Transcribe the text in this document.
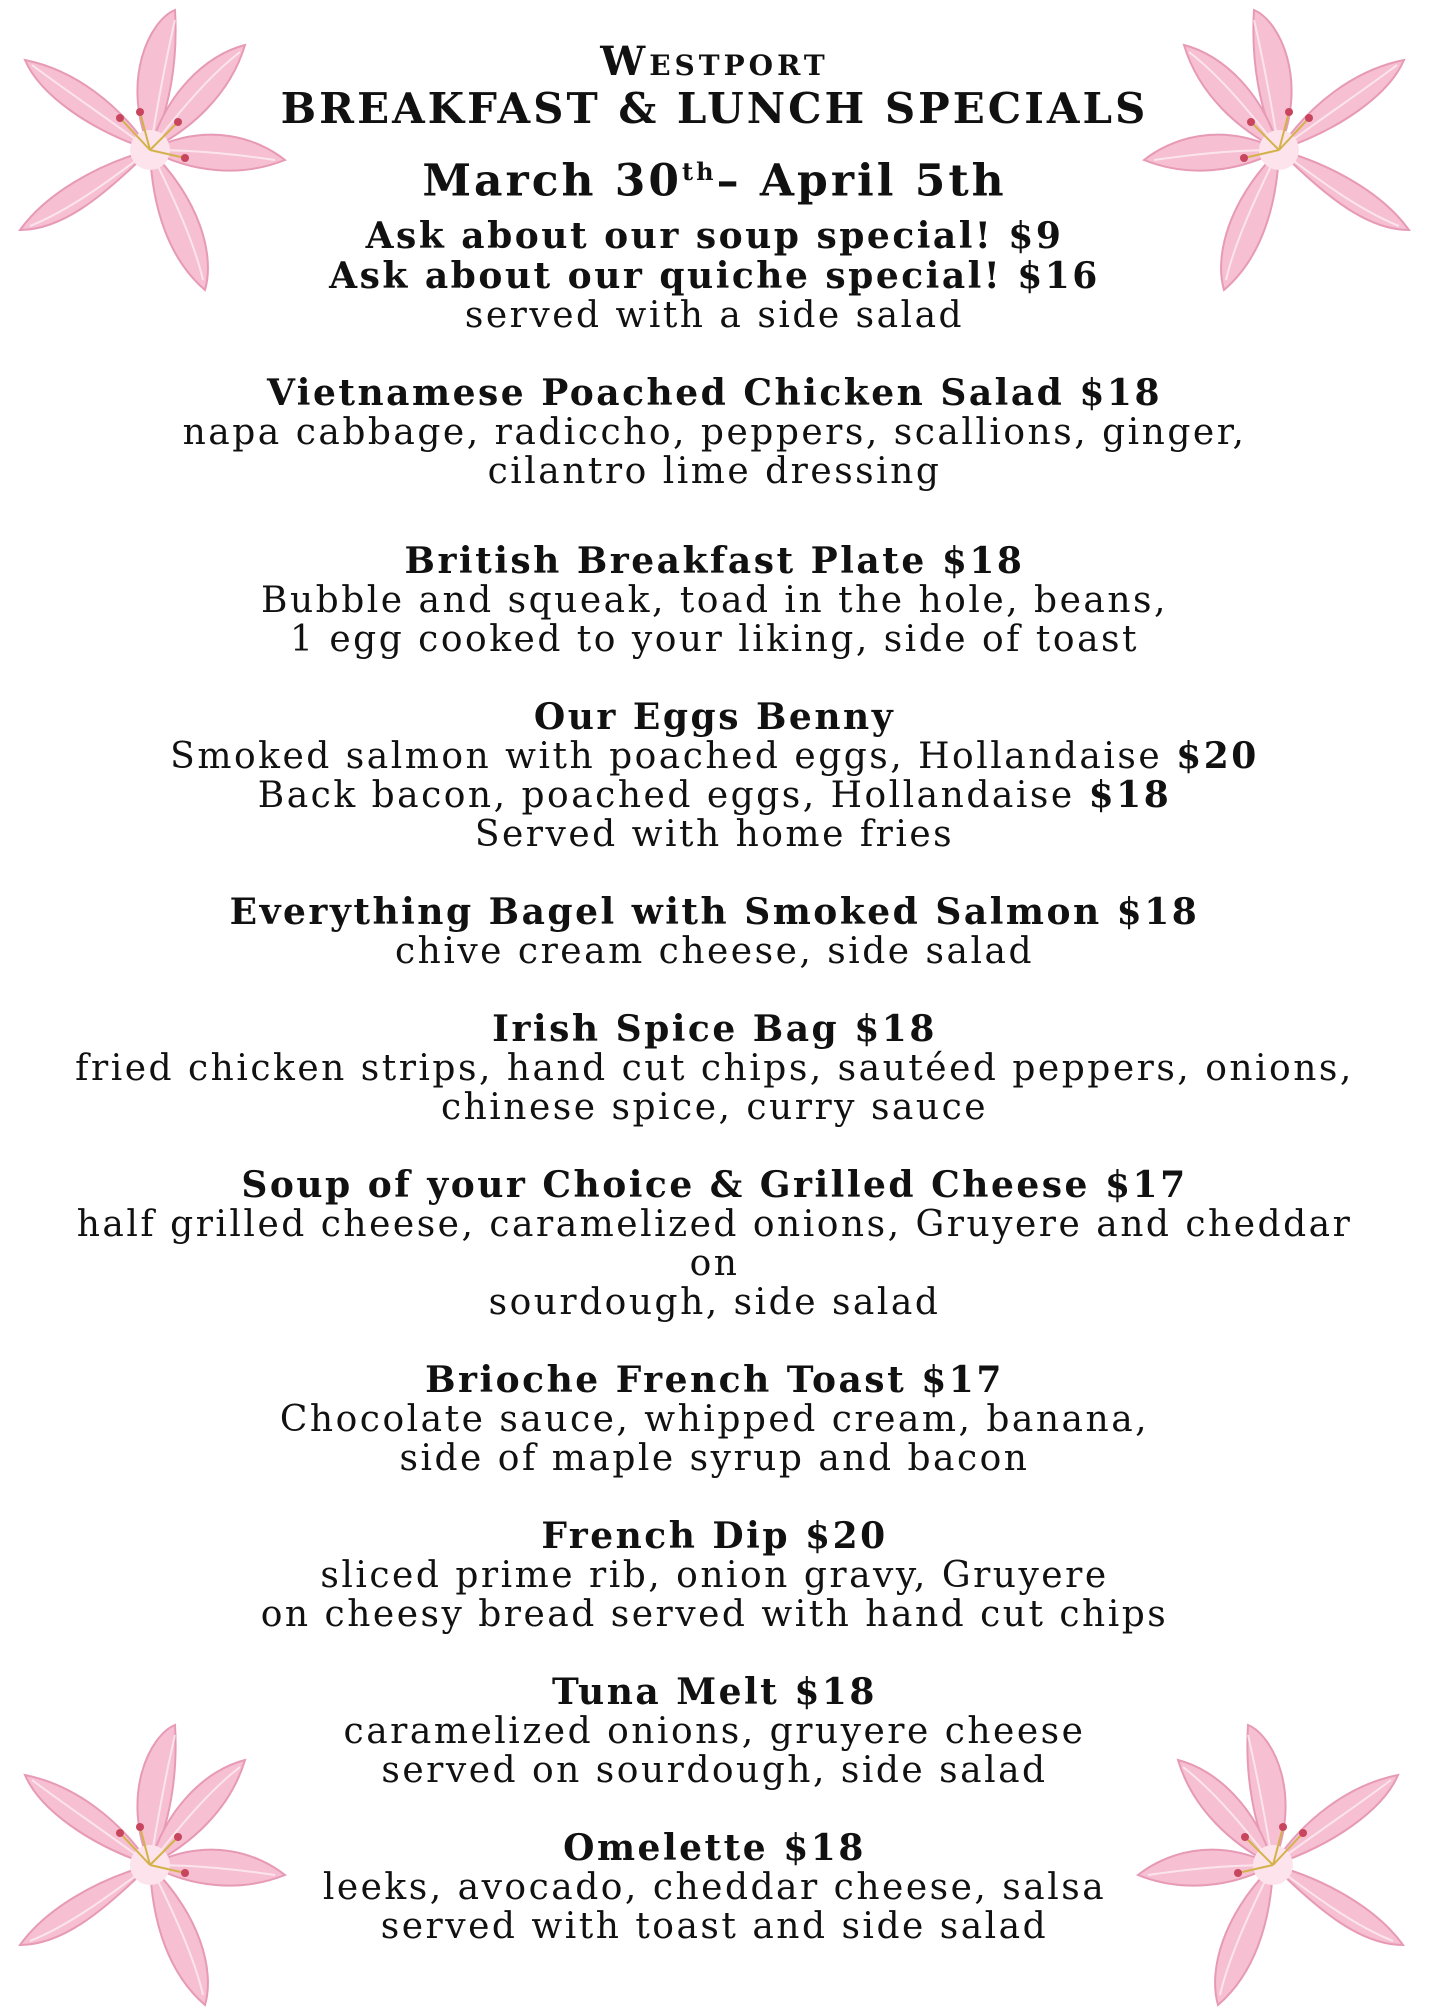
Westport
BREAKFAST & LUNCH SPECIALS
March 30th– April 5th
Ask about our soup special! $9
Ask about our quiche special! $16
served with a side salad
Vietnamese Poached Chicken Salad $18
napa cabbage, radiccho, peppers, scallions, ginger,
cilantro lime dressing
British Breakfast Plate $18
Bubble and squeak, toad in the hole, beans,
1 egg cooked to your liking, side of toast
Our Eggs Benny
Smoked salmon with poached eggs, Hollandaise $20
Back bacon, poached eggs, Hollandaise $18
Served with home fries
Everything Bagel with Smoked Salmon $18
chive cream cheese, side salad
Irish Spice Bag $18
fried chicken strips, hand cut chips, sautéed peppers, onions,
chinese spice, curry sauce
Soup of your Choice & Grilled Cheese $17
half grilled cheese, caramelized onions, Gruyere and cheddar on
sourdough, side salad
Brioche French Toast $17
Chocolate sauce, whipped cream, banana,
side of maple syrup and bacon
French Dip $20
sliced prime rib, onion gravy, Gruyere
on cheesy bread served with hand cut chips
Tuna Melt $18
caramelized onions, gruyere cheese
served on sourdough, side salad
Omelette $18
leeks, avocado, cheddar cheese, salsa
served with toast and side salad
